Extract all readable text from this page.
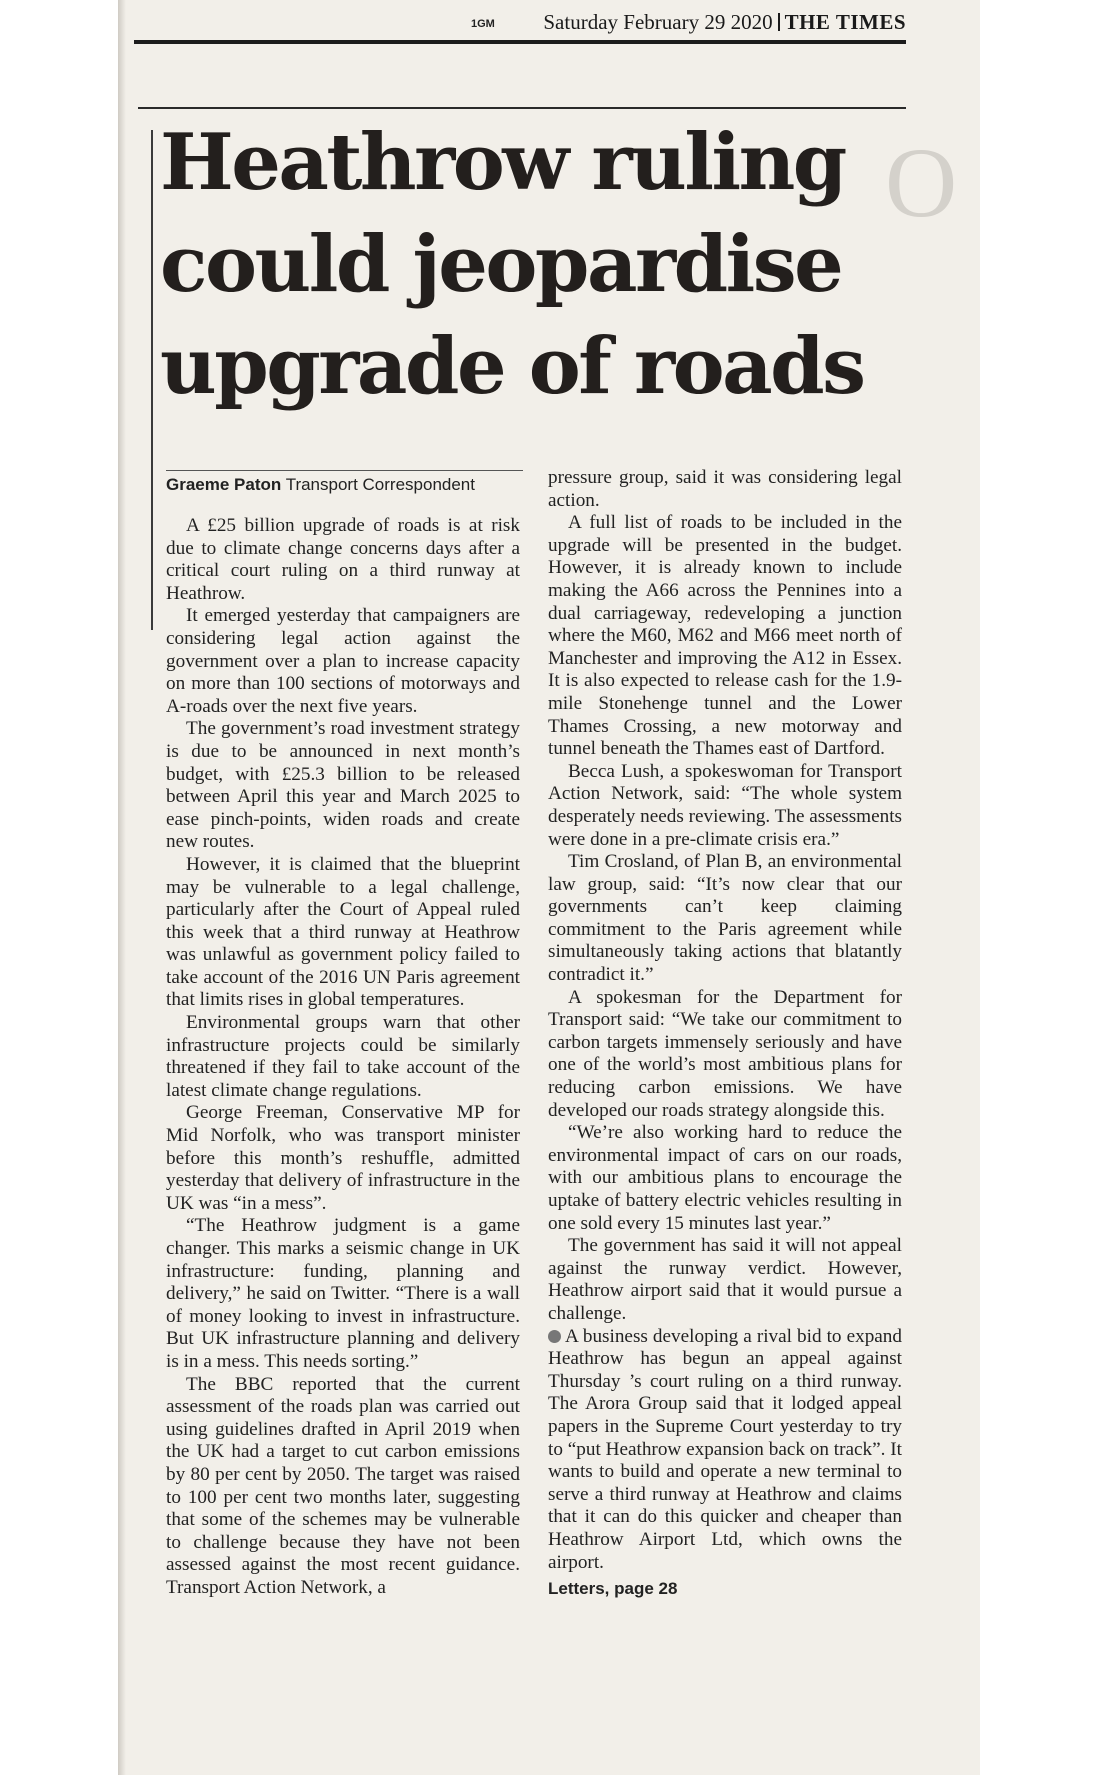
1GM Saturday February 29 2020 THE TIMES
O
Heathrow ruling could jeopardise upgrade of roads
Graeme Paton Transport Correspondent

A £25 billion upgrade of roads is at risk due to climate change concerns days after a critical court ruling on a third runway at Heathrow.

It emerged yesterday that campaigners are considering legal action against the government over a plan to increase capacity on more than 100 sections of motorways and A-roads over the next five years.

The government’s road investment strategy is due to be announced in next month’s budget, with £25.3 billion to be released between April this year and March 2025 to ease pinch-points, widen roads and create new routes.

However, it is claimed that the blueprint may be vulnerable to a legal challenge, particularly after the Court of Appeal ruled this week that a third runway at Heathrow was unlawful as government policy failed to take account of the 2016 UN Paris agreement that limits rises in global temperatures.

Environmental groups warn that other infrastructure projects could be similarly threatened if they fail to take account of the latest climate change regulations.

George Freeman, Conservative MP for Mid Norfolk, who was transport minister before this month’s reshuffle, admitted yesterday that delivery of infrastructure in the UK was “in a mess”.

“The Heathrow judgment is a game changer. This marks a seismic change in UK infrastructure: funding, planning and delivery,” he said on Twitter. “There is a wall of money looking to invest in infrastructure. But UK infrastructure planning and delivery is in a mess. This needs sorting.”

The BBC reported that the current assessment of the roads plan was carried out using guidelines drafted in April 2019 when the UK had a target to cut carbon emissions by 80 per cent by 2050. The target was raised to 100 per cent two months later, suggesting that some of the schemes may be vulnerable to challenge because they have not been assessed against the most recent guidance. Transport Action Network, a

pressure group, said it was considering legal action.

A full list of roads to be included in the upgrade will be presented in the budget. However, it is already known to include making the A66 across the Pennines into a dual carriageway, redeveloping a junction where the M60, M62 and M66 meet north of Manchester and improving the A12 in Essex. It is also expected to release cash for the 1.9-mile Stonehenge tunnel and the Lower Thames Crossing, a new motorway and tunnel beneath the Thames east of Dartford.

Becca Lush, a spokeswoman for Transport Action Network, said: “The whole system desperately needs reviewing. The assessments were done in a pre-climate crisis era.”

Tim Crosland, of Plan B, an environmental law group, said: “It’s now clear that our governments can’t keep claiming commitment to the Paris agreement while simultaneously taking actions that blatantly contradict it.”

A spokesman for the Department for Transport said: “We take our commitment to carbon targets immensely seriously and have one of the world’s most ambitious plans for reducing carbon emissions. We have developed our roads strategy alongside this.

“We’re also working hard to reduce the environmental impact of cars on our roads, with our ambitious plans to encourage the uptake of battery electric vehicles resulting in one sold every 15 minutes last year.”

The government has said it will not appeal against the runway verdict. However, Heathrow airport said that it would pursue a challenge.

A business developing a rival bid to expand Heathrow has begun an appeal against Thursday ’s court ruling on a third runway. The Arora Group said that it lodged appeal papers in the Supreme Court yesterday to try to “put Heathrow expansion back on track”. It wants to build and operate a new terminal to serve a third runway at Heathrow and claims that it can do this quicker and cheaper than Heathrow Airport Ltd, which owns the airport.

Letters, page 28
